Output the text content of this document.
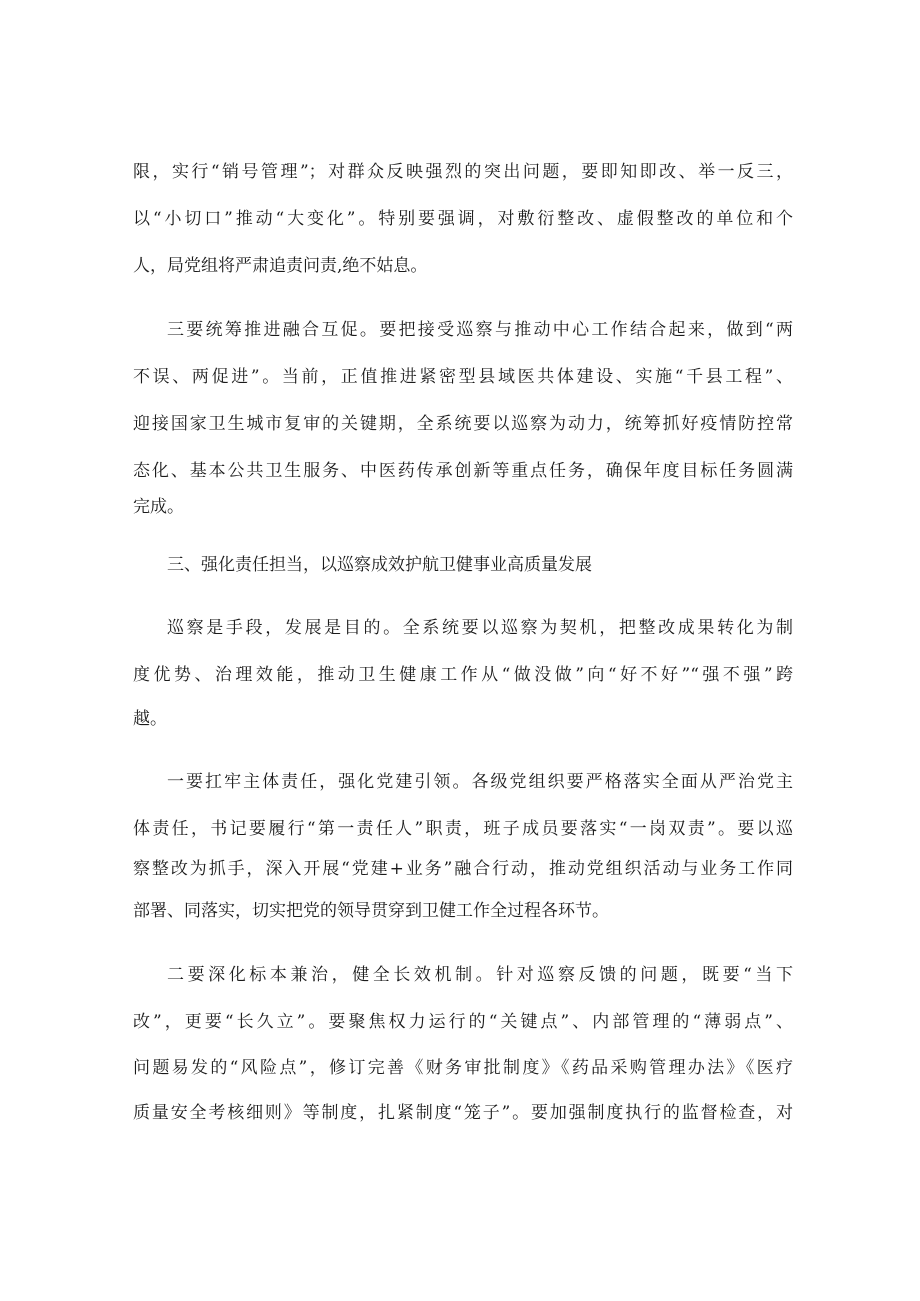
限，实行“销号管理”；对群众反映强烈的突出问题，要即知即改、举一反三，
以“小切口”推动“大变化”。特别要强调，对敷衍整改、虚假整改的单位和个
人，局党组将严肃追责问责,绝不姑息。
三要统筹推进融合互促。要把接受巡察与推动中心工作结合起来，做到“两
不误、两促进”。当前，正值推进紧密型县域医共体建设、实施“千县工程”、
迎接国家卫生城市复审的关键期，全系统要以巡察为动力，统筹抓好疫情防控常
态化、基本公共卫生服务、中医药传承创新等重点任务，确保年度目标任务圆满
完成。
三、强化责任担当，以巡察成效护航卫健事业高质量发展
巡察是手段，发展是目的。全系统要以巡察为契机，把整改成果转化为制
度优势、治理效能，推动卫生健康工作从“做没做”向“好不好”“强不强”跨
越。
一要扛牢主体责任，强化党建引领。各级党组织要严格落实全面从严治党主
体责任，书记要履行“第一责任人”职责，班子成员要落实“一岗双责”。要以巡
察整改为抓手，深入开展“党建+业务”融合行动，推动党组织活动与业务工作同
部署、同落实，切实把党的领导贯穿到卫健工作全过程各环节。
二要深化标本兼治，健全长效机制。针对巡察反馈的问题，既要“当下
改”，更要“长久立”。要聚焦权力运行的“关键点”、内部管理的“薄弱点”、
问题易发的“风险点”，修订完善《财务审批制度》《药品采购管理办法》《医疗
质量安全考核细则》等制度，扎紧制度“笼子”。要加强制度执行的监督检查，对
